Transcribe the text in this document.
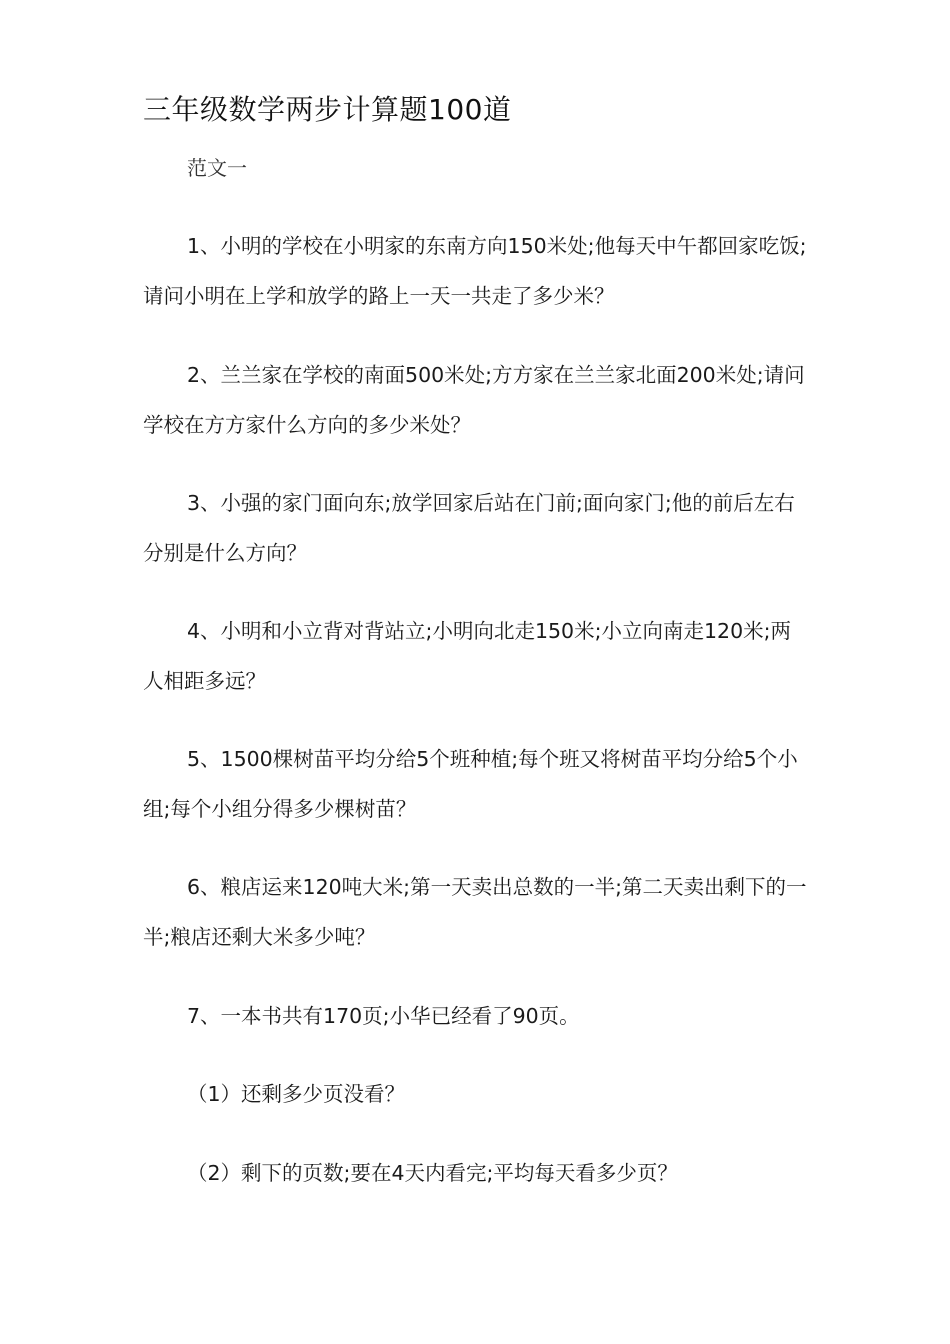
三年级数学两步计算题100道
范文一

1、小明的学校在小明家的东南方向150米处;他每天中午都回家吃饭;请问小明在上学和放学的路上一天一共走了多少米？

2、兰兰家在学校的南面500米处;方方家在兰兰家北面200米处;请问学校在方方家什么方向的多少米处？

3、小强的家门面向东;放学回家后站在门前;面向家门;他的前后左右分别是什么方向？

4、小明和小立背对背站立;小明向北走150米;小立向南走120米;两人相距多远？

5、1500棵树苗平均分给5个班种植;每个班又将树苗平均分给5个小组;每个小组分得多少棵树苗？

6、粮店运来120吨大米;第一天卖出总数的一半;第二天卖出剩下的一半;粮店还剩大米多少吨？

7、一本书共有170页;小华已经看了90页。

（1）还剩多少页没看？
（2）剩下的页数;要在4天内看完;平均每天看多少页？
